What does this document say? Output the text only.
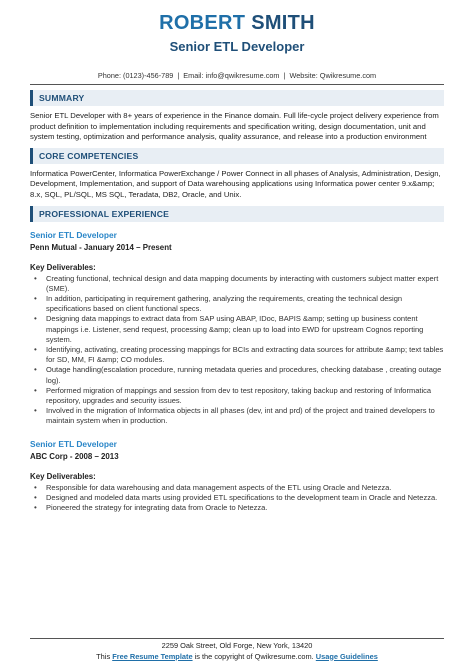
ROBERT SMITH
Senior ETL Developer
Phone: (0123)-456-789 | Email: info@qwikresume.com | Website: Qwikresume.com
SUMMARY

Senior ETL Developer with 8+ years of experience in the Finance domain. Full life-cycle project delivery experience from product definition to implementation including requirements and specification writing, design documentation, unit and system testing, optimization and performance analysis, quality assurance, and release into a production environment

CORE COMPETENCIES

Informatica PowerCenter, Informatica PowerExchange / Power Connect in all phases of Analysis, Administration, Design, Development, Implementation, and support of Data warehousing applications using Informatica power center 9.x&amp; 8.x, SQL, PL/SQL, MS SQL, Teradata, DB2, Oracle, and Unix.

PROFESSIONAL EXPERIENCE
Senior ETL Developer
Penn Mutual - January 2014 – Present
Key Deliverables:
• Creating functional, technical design and data mapping documents by interacting with customers subject matter expert (SME).
• In addition, participating in requirement gathering, analyzing the requirements, creating the technical design specifications based on client functional specs.
• Designing data mappings to extract data from SAP using ABAP, IDoc, BAPIS &amp; setting up business content mappings i.e. Listener, send request, processing &amp; clean up to load into EWD for upstream Cognos reporting system.
• Identifying, activating, creating processing mappings for BCIs and extracting data sources for attribute &amp; text tables for SD, MM, FI &amp; CO modules.
• Outage handling(escalation procedure, running metadata queries and procedures, checking database , creating outage log).
• Performed migration of mappings and session from dev to test repository, taking backup and restoring of Informatica repository, upgrades and security issues.
• Involved in the migration of Informatica objects in all phases (dev, int and prd) of the project and trained developers to maintain system when in production.
Senior ETL Developer
ABC Corp - 2008 – 2013
Key Deliverables:
• Responsible for data warehousing and data management aspects of the ETL using Oracle and Netezza.
• Designed and modeled data marts using provided ETL specifications to the development team in Oracle and Netezza.
• Pioneered the strategy for integrating data from Oracle to Netezza.
2259 Oak Street, Old Forge, New York, 13420
This Free Resume Template is the copyright of Qwikresume.com. Usage Guidelines
